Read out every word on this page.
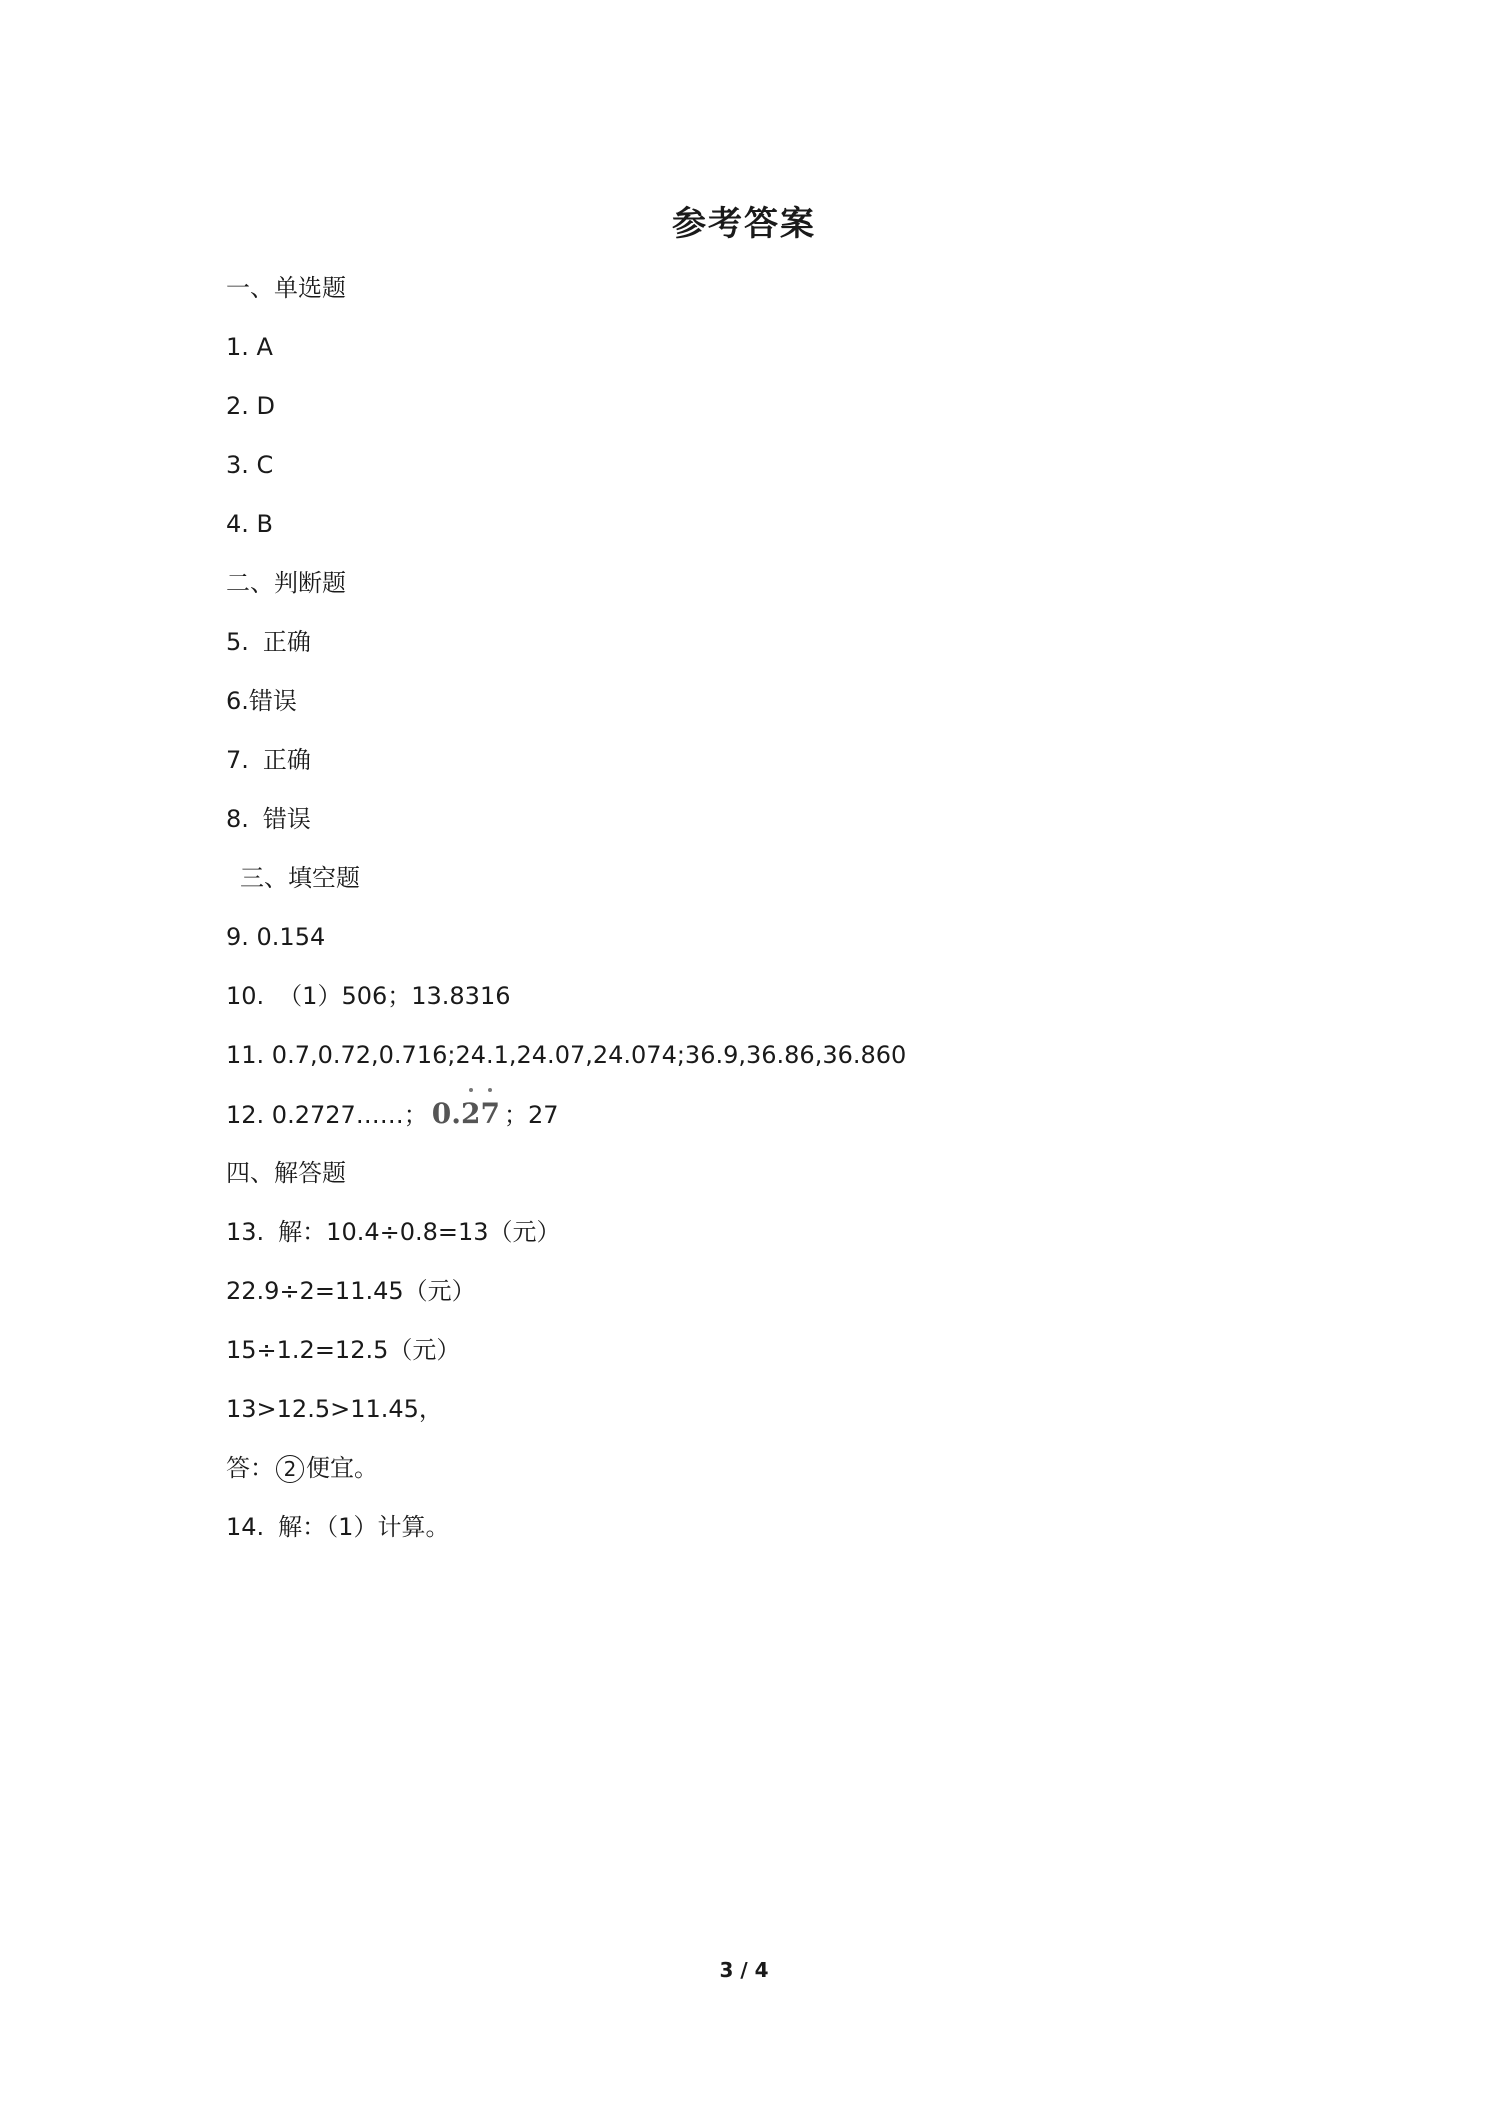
参考答案
一、单选题
1. A
2. D
3. C
4. B
二、判断题
5. 正确
6.错误
7. 正确
8. 错误
三、填空题
9. 0.154
10. （1）506；13.8316
11. 0.7,0.72,0.716;24.1,24.07,24.074;36.9,36.86,36.860
12. 0.2727……； 0.
2
7 ；27
四、解答题
13. 解：10.4÷0.8=13（元）
22.9÷2=11.45（元）
15÷1.2=12.5（元）
13>12.5>11.45，
答： 2 便宜。
14. 解：（1）计算。
3 / 4
